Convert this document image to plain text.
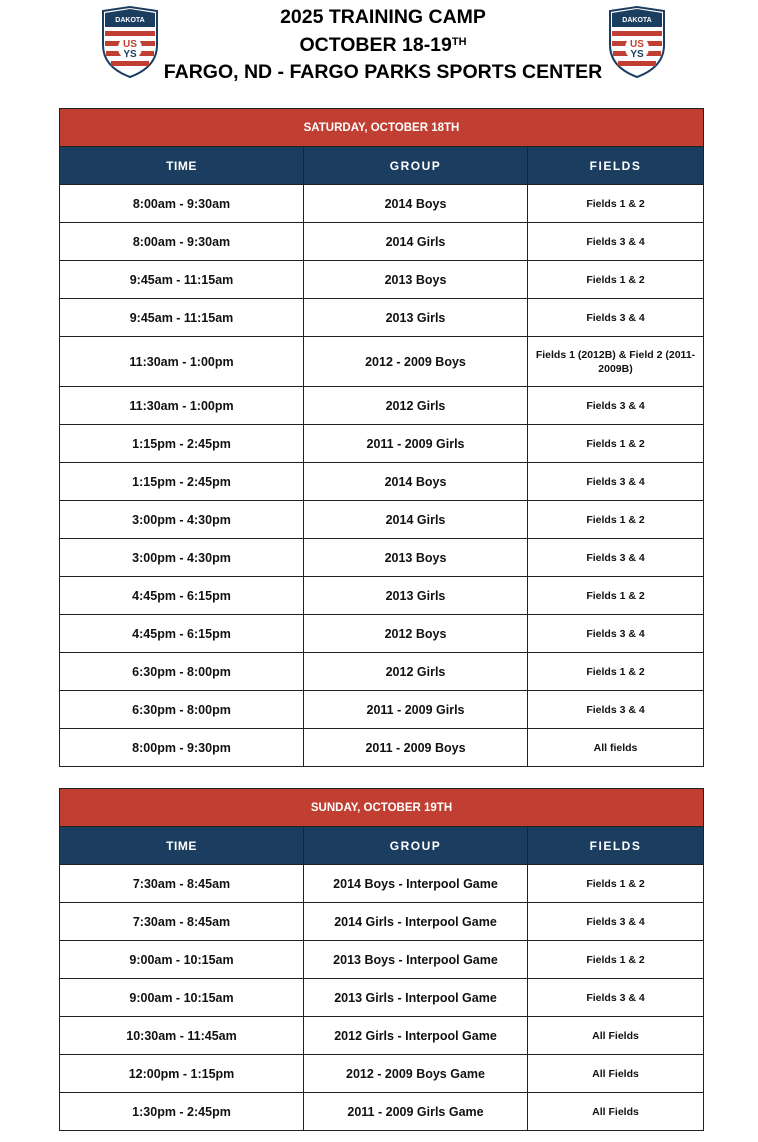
DAKOTA
US
YS
DAKOTA
US
YS
2025 TRAINING CAMP
OCTOBER 18-19TH
FARGO, ND - FARGO PARKS SPORTS CENTER
SATURDAY, OCTOBER 18TH		
TIME	GROUP	FIELDS
8:00am - 9:30am	2014 Boys	Fields 1 & 2
8:00am - 9:30am	2014 Girls	Fields 3 & 4
9:45am - 11:15am	2013 Boys	Fields 1 & 2
9:45am - 11:15am	2013 Girls	Fields 3 & 4
11:30am - 1:00pm	2012 - 2009 Boys	Fields 1 (2012B) & Field 2 (2011-2009B)
11:30am - 1:00pm	2012 Girls	Fields 3 & 4
1:15pm - 2:45pm	2011 - 2009 Girls	Fields 1 & 2
1:15pm - 2:45pm	2014 Boys	Fields 3 & 4
3:00pm - 4:30pm	2014 Girls	Fields 1 & 2
3:00pm - 4:30pm	2013 Boys	Fields 3 & 4
4:45pm - 6:15pm	2013 Girls	Fields 1 & 2
4:45pm - 6:15pm	2012 Boys	Fields 3 & 4
6:30pm - 8:00pm	2012 Girls	Fields 1 & 2
6:30pm - 8:00pm	2011 - 2009 Girls	Fields 3 & 4
8:00pm - 9:30pm	2011 - 2009 Boys	All fields
SUNDAY, OCTOBER 19TH		
TIME	GROUP	FIELDS
7:30am - 8:45am	2014 Boys - Interpool Game	Fields 1 & 2
7:30am - 8:45am	2014 Girls - Interpool Game	Fields 3 & 4
9:00am - 10:15am	2013 Boys - Interpool Game	Fields 1 & 2
9:00am - 10:15am	2013 Girls - Interpool Game	Fields 3 & 4
10:30am - 11:45am	2012 Girls - Interpool Game	All Fields
12:00pm - 1:15pm	2012 - 2009 Boys Game	All Fields
1:30pm - 2:45pm	2011 - 2009 Girls Game	All Fields
